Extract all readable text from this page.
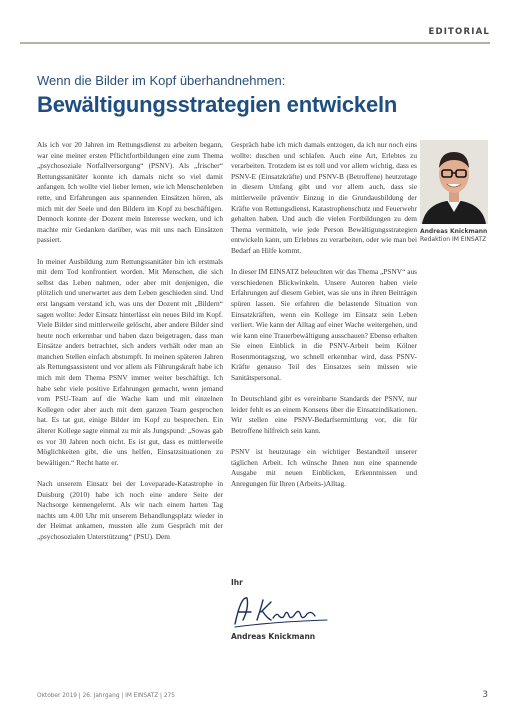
EDITORIAL
Wenn die Bilder im Kopf überhandnehmen:
Bewältigungsstrategien entwickeln

Als ich vor 20 Jahren im Rettungsdienst zu arbeiten begann, war eine meiner ersten Pflichtfortbildungen eine zum Thema „psychosoziale Notfallversorgung“ (PSNV). Als „frischer“ Rettungssanitäter konnte ich damals nicht so viel damit anfangen. Ich wollte viel lieber lernen, wie ich Menschenleben rette, und Erfahrungen aus spannenden Einsätzen hören, als mich mit der Seele und den Bildern im Kopf zu beschäftigen. Dennoch konnte der Dozent mein Interesse wecken, und ich machte mir Gedanken darüber, was mit uns nach Einsätzen passiert.

In meiner Ausbildung zum Rettungssanitäter bin ich erstmals mit dem Tod konfrontiert worden. Mit Menschen, die sich selbst das Leben nahmen, oder aber mit denjenigen, die plötzlich und unerwartet aus dem Leben geschieden sind. Und erst langsam verstand ich, was uns der Dozent mit „Bildern“ sagen wollte: Jeder Einsatz hinterlässt ein neues Bild im Kopf. Viele Bilder sind mittlerweile gelöscht, aber andere Bilder sind heute noch erkennbar und haben dazu beigetragen, dass man Einsätze anders betrachtet, sich anders verhält oder man an manchen Stellen einfach abstumpft. In meinen späteren Jahren als Rettungsassistent und vor allem als Führungskraft habe ich mich mit dem Thema PSNV immer weiter beschäftigt. Ich habe sehr viele positive Erfahrungen gemacht, wenn jemand vom PSU-Team auf die Wache kam und mit einzelnen Kollegen oder aber auch mit dem ganzen Team gesprochen hat. Es tat gut, einige Bilder im Kopf zu besprechen. Ein älterer Kollege sagte einmal zu mir als Jungspund: „Sowas gab es vor 30 Jahren noch nicht. Es ist gut, dass es mittlerweile Möglichkeiten gibt, die uns helfen, Einsatzsituationen zu bewältigen.“ Recht hatte er.

Nach unserem Einsatz bei der Loveparade-Katastrophe in Duisburg (2010) habe ich noch eine andere Seite der Nachsorge kennengelernt. Als wir nach einem harten Tag nachts um 4.00 Uhr mit unserem Behandlungsplatz wieder in der Heimat ankamen, mussten alle zum Gespräch mit der „psychosozialen Unterstützung“ (PSU). Dem

Gespräch habe ich mich damals entzogen, da ich nur noch eins wollte: duschen und schlafen. Auch eine Art, Erlebtes zu verarbeiten. Trotzdem ist es toll und vor allem wichtig, dass es PSNV-E (Einsatzkräfte) und PSNV-B (Betroffene) heutzutage in diesem Umfang gibt und vor allem auch, dass sie mittlerweile präventiv Einzug in die Grundausbildung der Kräfte von Rettungsdienst, Katastrophenschutz und Feuerwehr gehalten haben. Und auch die vielen Fortbildungen zu dem Thema vermitteln, wie jede Person Bewältigungsstrategien entwickeln kann, um Erlebtes zu verarbeiten, oder wie man bei Bedarf an Hilfe kommt.

In dieser IM EINSATZ beleuchten wir das Thema „PSNV“ aus verschiedenen Blickwinkeln. Unsere Autoren haben viele Erfahrungen auf diesem Gebiet, was sie uns in ihren Beiträgen spüren lassen. Sie erfahren die belastende Situation von Einsatzkräften, wenn ein Kollege im Einsatz sein Leben verliert. Wie kann der Alltag auf einer Wache weitergehen, und wie kann eine Trauerbewältigung ausschauen? Ebenso erhalten Sie einen Einblick in die PSNV-Arbeit beim Kölner Rosenmontagszug, wo schnell erkennbar wird, dass PSNV-Kräfte genauso Teil des Einsatzes sein müssen wie Sanitätspersonal.

In Deutschland gibt es vereinbarte Standards der PSNV, nur leider fehlt es an einem Konsens über die Einsatzindikationen. Wir stellen eine PSNV-Bedarfsermittlung vor, die für Betroffene hilfreich sein kann.

PSNV ist heutzutage ein wichtiger Bestandteil unserer täglichen Arbeit. Ich wünsche Ihnen nun eine spannende Ausgabe mit neuen Einblicken, Erkenntnissen und Anregungen für Ihren (Arbeits-)Alltag.

Andreas Knickmann
Redaktion IM EINSATZ
Ihr
Andreas Knickmann
Oktober 2019 | 26. Jahrgang | IM EINSATZ | 275	3
